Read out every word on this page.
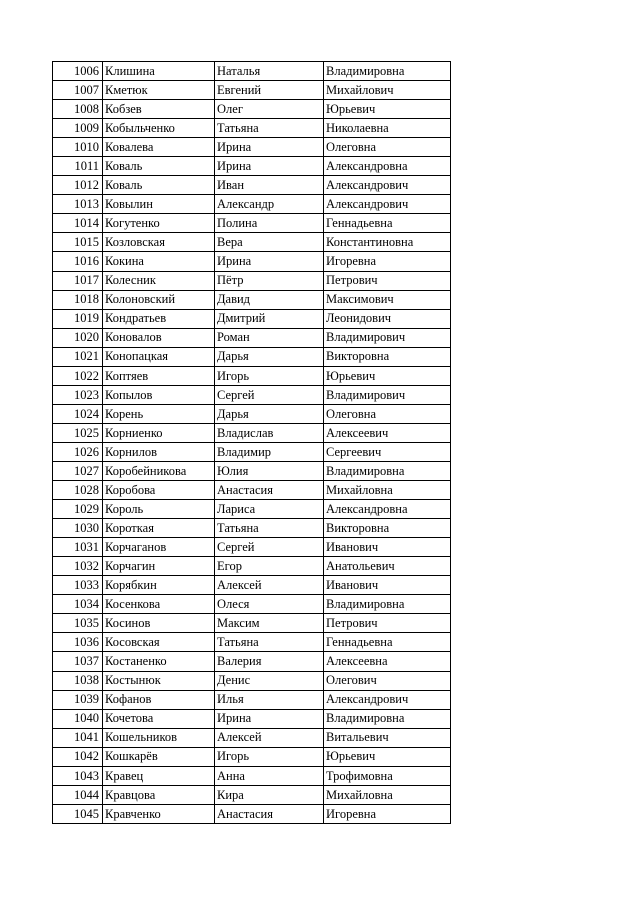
1006	Клишина	Наталья	Владимировна
1007	Кметюк	Евгений	Михайлович
1008	Кобзев	Олег	Юрьевич
1009	Кобыльченко	Татьяна	Николаевна
1010	Ковалева	Ирина	Олеговна
1011	Коваль	Ирина	Александровна
1012	Коваль	Иван	Александрович
1013	Ковылин	Александр	Александрович
1014	Когутенко	Полина	Геннадьевна
1015	Козловская	Вера	Константиновна
1016	Кокина	Ирина	Игоревна
1017	Колесник	Пётр	Петрович
1018	Колоновский	Давид	Максимович
1019	Кондратьев	Дмитрий	Леонидович
1020	Коновалов	Роман	Владимирович
1021	Конопацкая	Дарья	Викторовна
1022	Коптяев	Игорь	Юрьевич
1023	Копылов	Сергей	Владимирович
1024	Корень	Дарья	Олеговна
1025	Корниенко	Владислав	Алексеевич
1026	Корнилов	Владимир	Сергеевич
1027	Коробейникова	Юлия	Владимировна
1028	Коробова	Анастасия	Михайловна
1029	Король	Лариса	Александровна
1030	Короткая	Татьяна	Викторовна
1031	Корчаганов	Сергей	Иванович
1032	Корчагин	Егор	Анатольевич
1033	Корябкин	Алексей	Иванович
1034	Косенкова	Олеся	Владимировна
1035	Косинов	Максим	Петрович
1036	Косовская	Татьяна	Геннадьевна
1037	Костаненко	Валерия	Алексеевна
1038	Костынюк	Денис	Олегович
1039	Кофанов	Илья	Александрович
1040	Кочетова	Ирина	Владимировна
1041	Кошельников	Алексей	Витальевич
1042	Кошкарёв	Игорь	Юрьевич
1043	Кравец	Анна	Трофимовна
1044	Кравцова	Кира	Михайловна
1045	Кравченко	Анастасия	Игоревна
